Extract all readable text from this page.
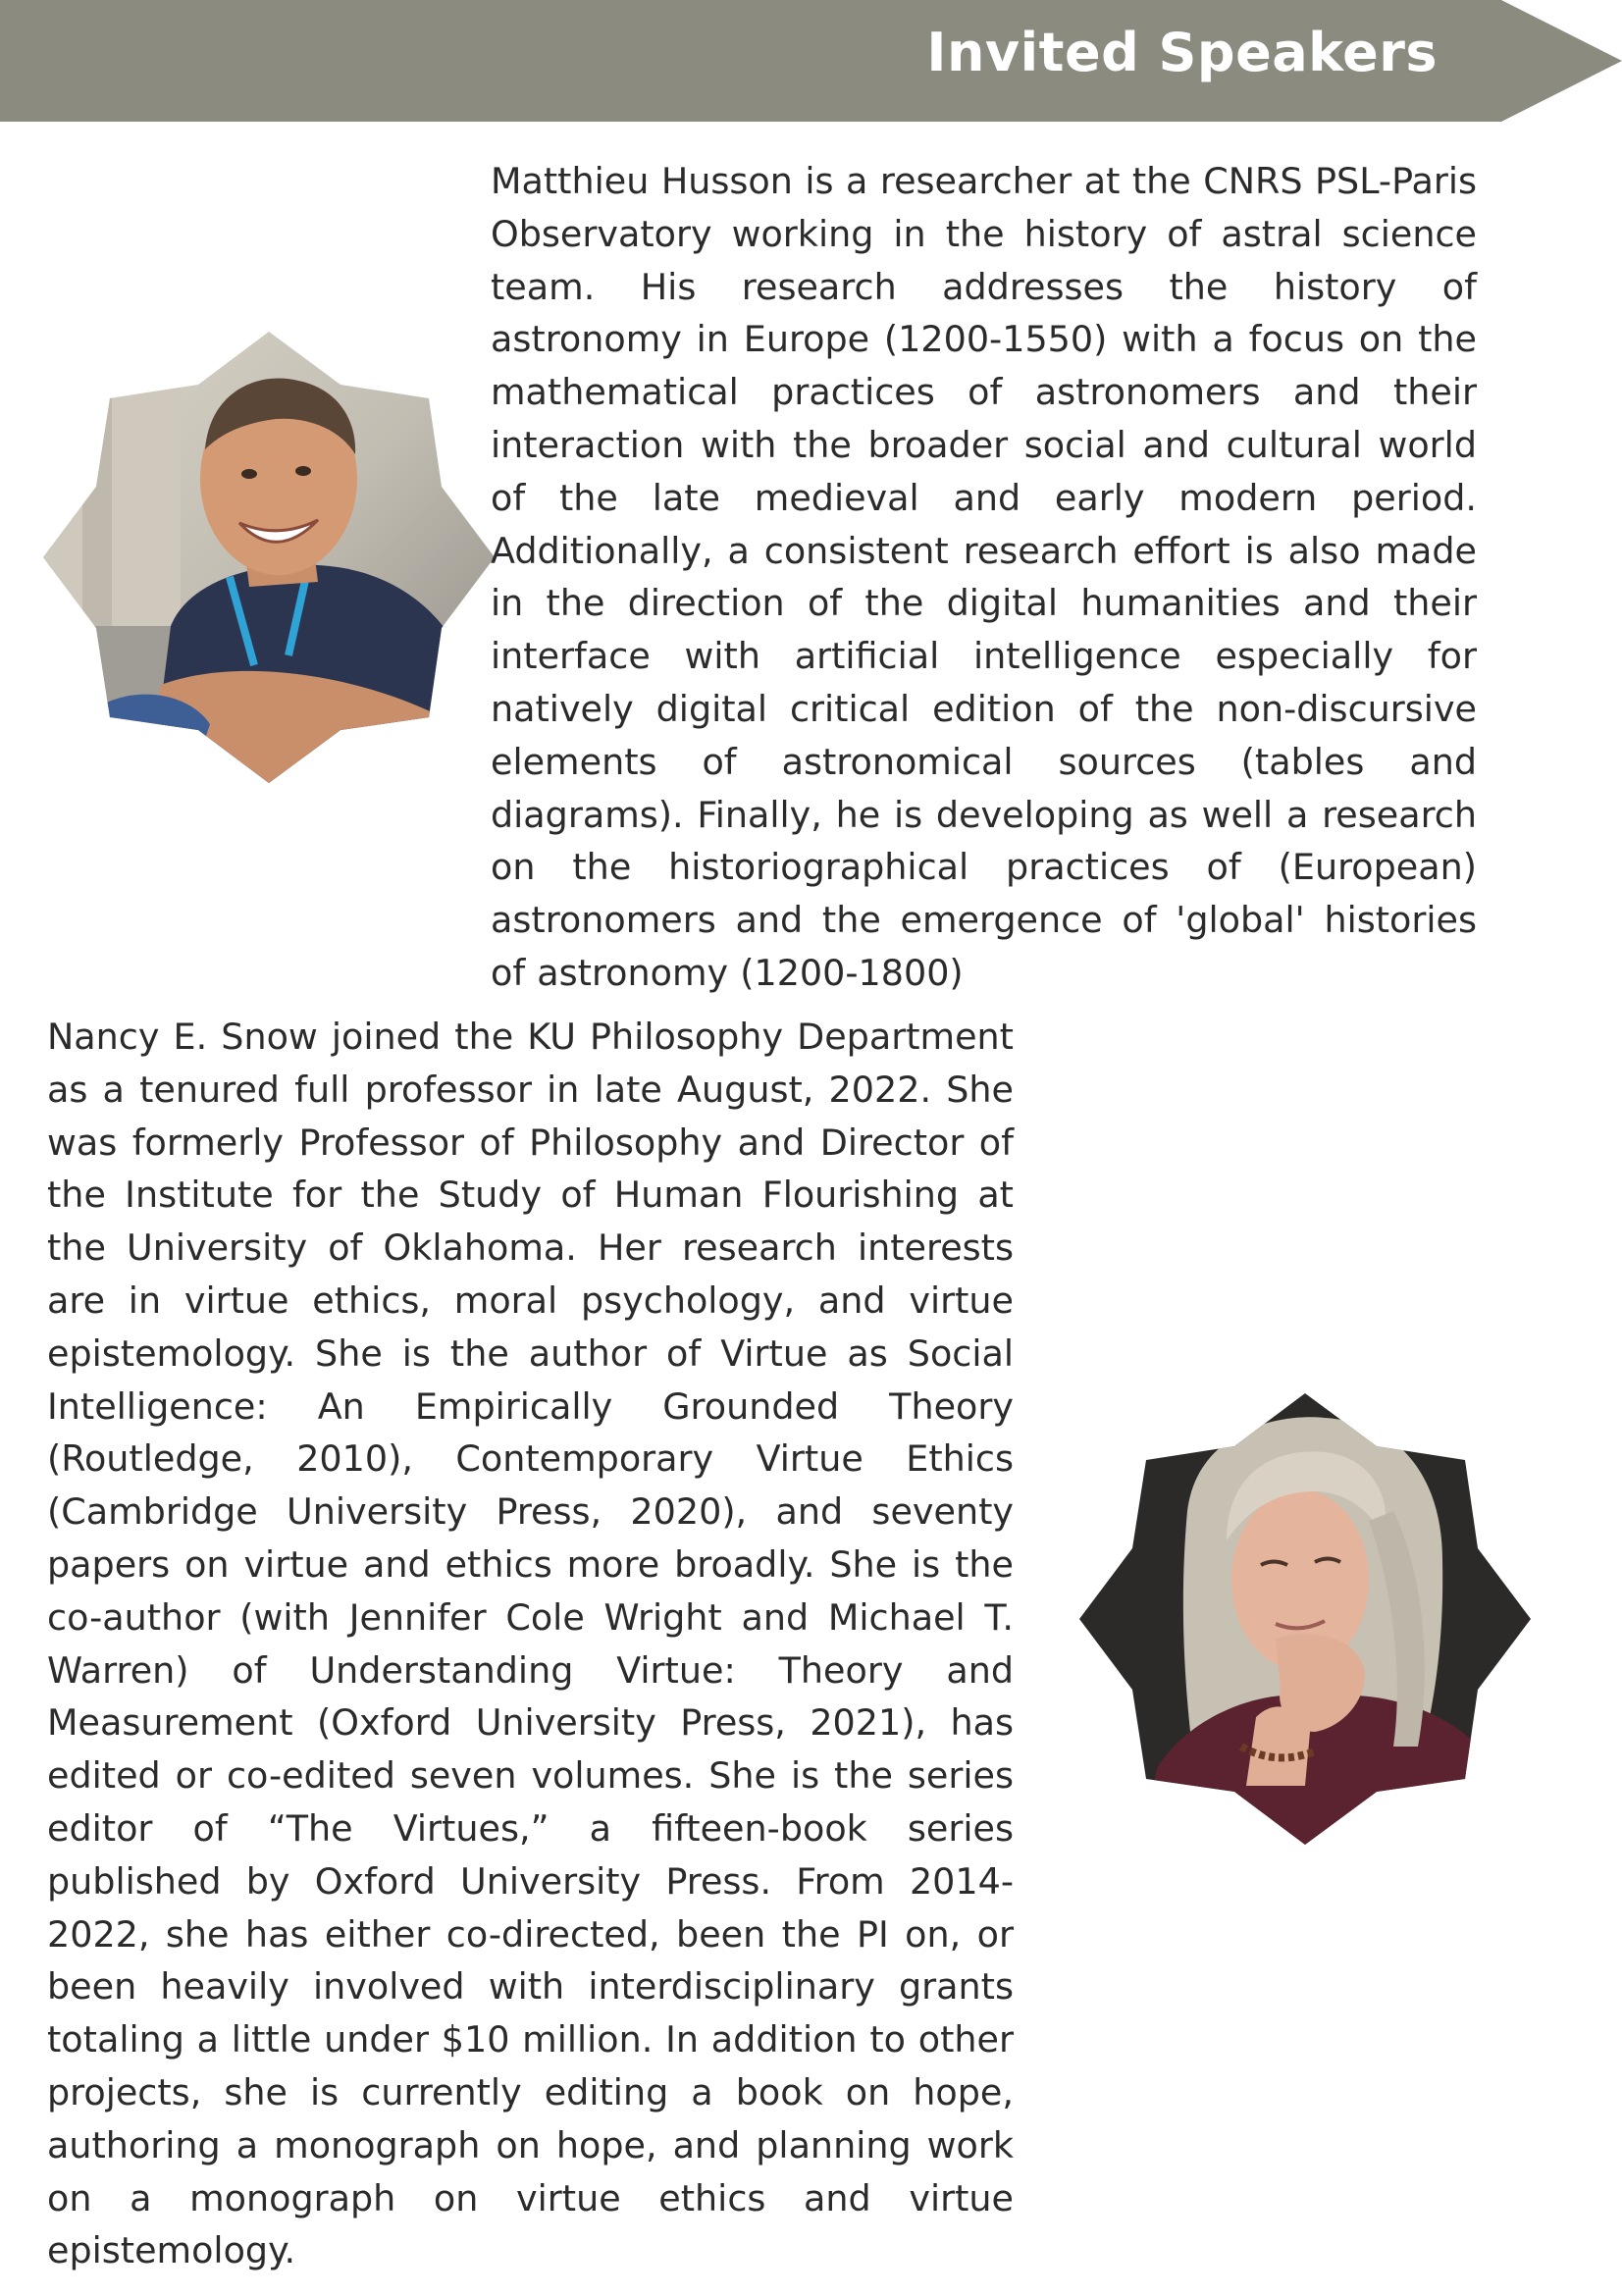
Invited Speakers
Matthieu Husson is a researcher at the CNRS PSL-Paris Observatory working in the history of astral science team. His research addresses the history of astronomy in Europe (1200-1550) with a focus on the mathematical practices of astronomers and their interaction with the broader social and cultural world of the late medieval and early modern period. Additionally, a consistent research effort is also made in the direction of the digital humanities and their interface with artificial intelligence especially for natively digital critical edition of the non-discursive elements of astronomical sources (tables and diagrams). Finally, he is developing as well a research on the historiographical practices of (European) astronomers and the emergence of 'global' histories of astronomy (1200-1800)
Nancy E. Snow joined the KU Philosophy Department as a tenured full professor in late August, 2022. She was formerly Professor of Philosophy and Director of the Institute for the Study of Human Flourishing at the University of Oklahoma. Her research interests are in virtue ethics, moral psychology, and virtue epistemology. She is the author of Virtue as Social Intelligence: An Empirically Grounded Theory (Routledge, 2010), Contemporary Virtue Ethics (Cambridge University Press, 2020), and seventy papers on virtue and ethics more broadly. She is the co-author (with Jennifer Cole Wright and Michael T. Warren) of Understanding Virtue: Theory and Measurement (Oxford University Press, 2021), has edited or co-edited seven volumes. She is the series editor of “The Virtues,” a fifteen-book series published by Oxford University Press. From 2014-2022, she has either co-directed, been the PI on, or been heavily involved with interdisciplinary grants totaling a little under $10 million. In addition to other projects, she is currently editing a book on hope, authoring a monograph on hope, and planning work on a monograph on virtue ethics and virtue epistemology.
